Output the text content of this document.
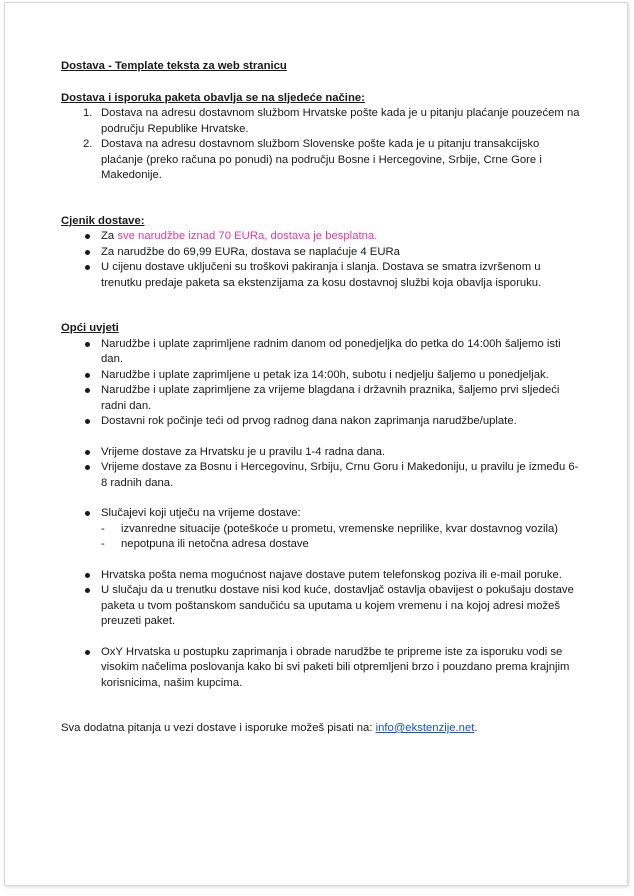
Dostava - Template teksta za web stranicu

Dostava i isporuka paketa obavlja se na sljedeće načine:

1. Dostava na adresu dostavnom službom Hrvatske pošte kada je u pitanju plaćanje pouzećem na području Republike Hrvatske.
2. Dostava na adresu dostavnom službom Slovenske pošte kada je u pitanju transakcijsko plaćanje (preko računa po ponudi) na području Bosne i Hercegovine, Srbije, Crne Gore i Makedonije.

Cjenik dostave:

Za sve narudžbe iznad 70 EURa, dostava je besplatna.
Za narudžbe do 69,99 EURa, dostava se naplaćuje 4 EURa
U cijenu dostave uključeni su troškovi pakiranja i slanja. Dostava se smatra izvršenom u trenutku predaje paketa sa ekstenzijama za kosu dostavnoj službi koja obavlja isporuku.

Opći uvjeti

Narudžbe i uplate zaprimljene radnim danom od ponedjeljka do petka do 14:00h šaljemo isti dan.
Narudžbe i uplate zaprimljene u petak iza 14:00h, subotu i nedjelju šaljemo u ponedjeljak.
Narudžbe i uplate zaprimljene za vrijeme blagdana i državnih praznika, šaljemo prvi sljedeći radni dan.
Dostavni rok počinje teći od prvog radnog dana nakon zaprimanja narudžbe/uplate.
Vrijeme dostave za Hrvatsku je u pravilu 1-4 radna dana.
Vrijeme dostave za Bosnu i Hercegovinu, Srbiju, Crnu Goru i Makedoniju, u pravilu je između 6-8 radnih dana.
Slučajevi koji utječu na vrijeme dostave:
- izvanredne situacije (poteškoće u prometu, vremenske neprilike, kvar dostavnog vozila)
- nepotpuna ili netočna adresa dostave
Hrvatska pošta nema mogućnost najave dostave putem telefonskog poziva ili e-mail poruke.
U slučaju da u trenutku dostave nisi kod kuće, dostavljač ostavlja obavijest o pokušaju dostave paketa u tvom poštanskom sandučiću sa uputama u kojem vremenu i na kojoj adresi možeš preuzeti paket.
OxY Hrvatska u postupku zaprimanja i obrade narudžbe te pripreme iste za isporuku vodi se visokim načelima poslovanja kako bi svi paketi bili otpremljeni brzo i pouzdano prema krajnjim korisnicima, našim kupcima.

Sva dodatna pitanja u vezi dostave i isporuke možeš pisati na: info@ekstenzije.net.
